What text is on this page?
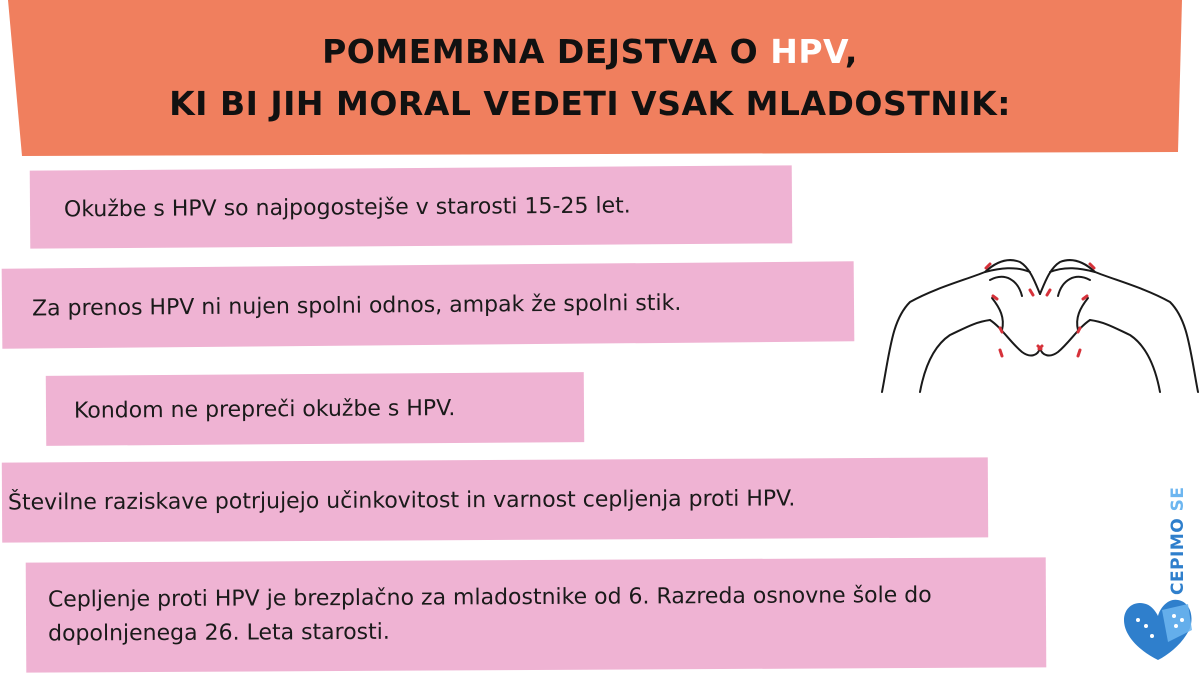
POMEMBNA DEJSTVA O HPV,
KI BI JIH MORAL VEDETI VSAK MLADOSTNIK:
Okužbe s HPV so najpogostejše v starosti 15-25 let.
Za prenos HPV ni nujen spolni odnos, ampak že spolni stik.
Kondom ne prepreči okužbe s HPV.
Številne raziskave potrjujejo učinkovitost in varnost cepljenja proti HPV.
Cepljenje proti HPV je brezplačno za mladostnike od 6. Razreda osnovne šole do dopolnjenega 26. Leta starosti.
CEPIMO SE
